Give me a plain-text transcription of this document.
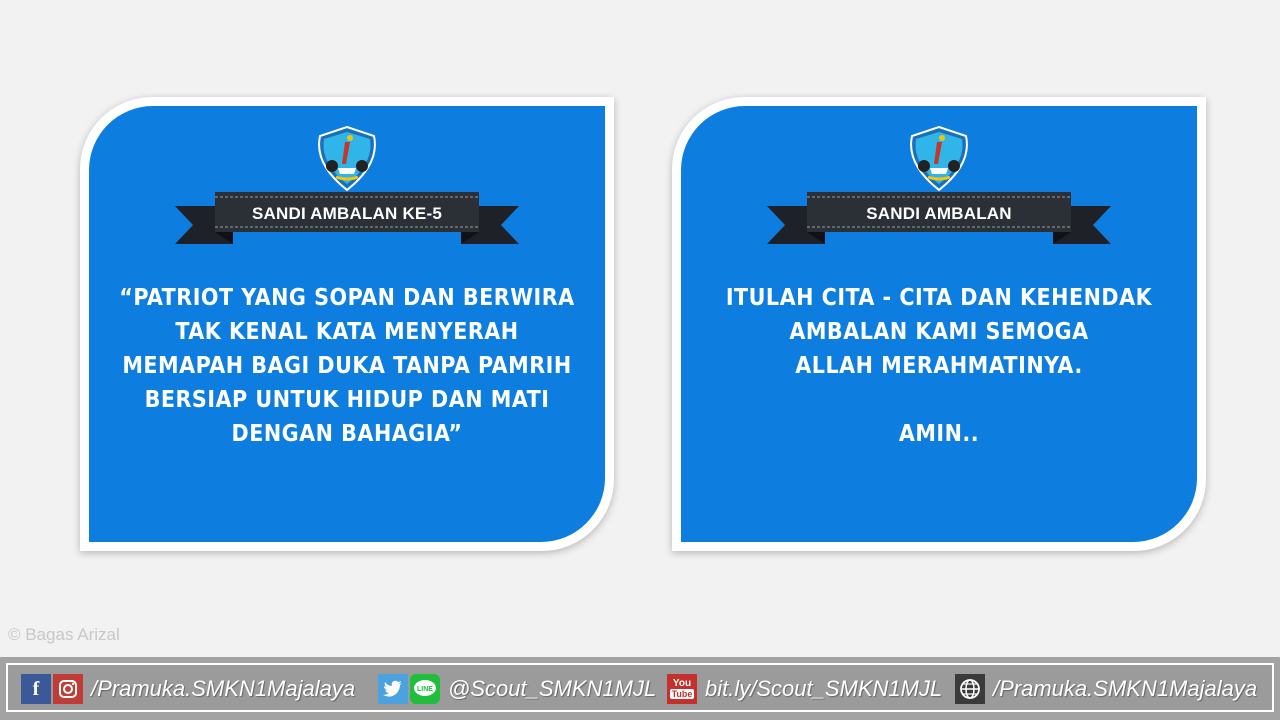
SANDI AMBALAN KE-5
“PATRIOT YANG SOPAN DAN BERWIRA
TAK KENAL KATA MENYERAH
MEMAPAH BAGI DUKA TANPA PAMRIH
BERSIAP UNTUK HIDUP DAN MATI
DENGAN BAHAGIA”
SANDI AMBALAN
ITULAH CITA - CITA DAN KEHENDAK
AMBALAN KAMI SEMOGA
ALLAH MERAHMATINYA.
AMIN..
© Bagas Arizal
f	/Pramuka.SMKN1Majalaya	LINE @Scout_SMKN1MJL You
Tube bit.ly/Scout_SMKN1MJL /Pramuka.SMKN1Majalaya
